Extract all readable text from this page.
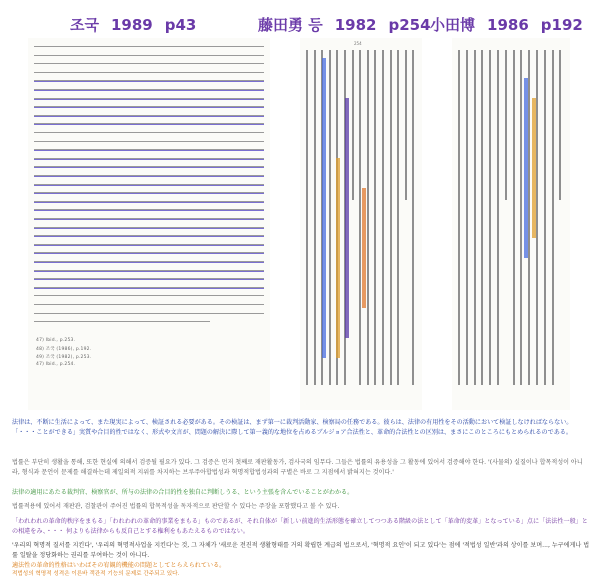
조국 1989 p43	藤田勇 등 1982 p254 小田博 1986 p192
47) Ibid., p.253.
48) 조국 (1986), p.192.
49) 조국 (1982), p.253.
47) Ibid., p.254.
254

法律は、不断に生活によって、また現実によって、検証される必要がある。その検証は、まず第一に裁判活動家、検察局の任務である。彼らは、法律の有用性をその活動において検証しなければならない。「・・・ことができる」実質や合目的性ではなく、形式や文言が、問題の解決に際して第一義的な地位を占めるブルジョア合法性と、革命的合法性との区別は、まさにこのところにもとめられるのである。

법률은 부단히 생활을 통해, 또한 현실에 의해서 검증될 필요가 있다. 그 검증은 먼저 첫째로 재판활동가, 검사국의 임무다. 그들은 법률의 유용성을 그 활동에 있어서 검증해야 한다. '(사물의) 실질이나 합목적성이 아니라, 형식과 문언이 문제를 해결하는데 제일의적 지위를 차지하는 브루주아합법성과 혁명적합법성과의 구별은 바로 그 지점에서 밝혀지는 것이다.'

法律の適用にあたる裁判官、検察官が、所与の法律の合目的性を独自に判断しうる、という主張を含んでいることがわかる。

법률적용에 있어서 재판관, 검찰관이 주어진 법률의 합목적성을 독자적으로 판단할 수 있다는 주장을 포함했다고 볼 수 있다.

「われわれの革命的秩序をまもる」「われわれの革命的事業をまもる」ものであるが、それ自体が「新しい前進的生活形態を確立してつつある階級の法として「革命的変革」となっている」点に「法法性一般」との相違をみ、・・・ 何よりも法律からも反自己とする権利をもあたえるものではない。

'우리의 혁명적 질서를 지킨다', '우리의 혁명적사업을 지킨다'는 것, 그 자체가 '새로운 전진적 생활형태를 거의 확립한 계급의 법으로서, '혁명적 요인'이 되고 있다'는 점에 '적법성 일반'과의 상이를 보며..., 누구에게나 법률 일탈을 정당화하는 권리를 부여하는 것이 아니다.

適法性の革命的性格はいわばその宥観的機能の問題としてとらえられている。

적법성의 혁명적 성격은 이른바 객관적 기능의 문제로 간주되고 있다.
